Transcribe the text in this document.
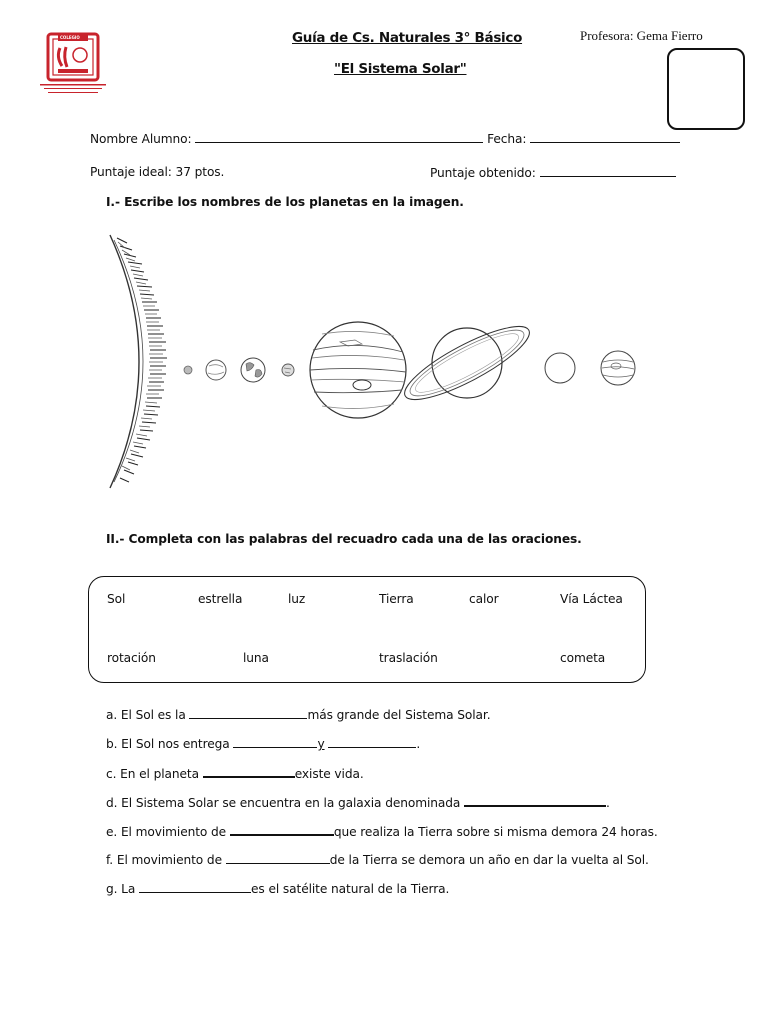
COLEGIO	Guía de Cs. Naturales 3° Básico
"El Sistema Solar"
Profesora: Gema Fierro
Nombre Alumno:	Fecha:
Puntaje ideal: 37 ptos.	Puntaje obtenido:
I.- Escribe los nombres de los planetas en la imagen.
II.- Completa con las palabras del recuadro cada una de las oraciones.
Sol	estrella	luz	Tierra	calor	Vía Láctea
rotación	luna	traslación	cometa
a. El Sol es la	más grande del Sistema Solar.
b. El Sol nos entrega	y	.
c. En el planeta	existe vida.
d. El Sistema Solar se encuentra en la galaxia denominada	.
e. El movimiento de	que realiza la Tierra sobre si misma demora 24 horas.
f. El movimiento de	de la Tierra se demora un año en dar la vuelta al Sol.
g. La	es el satélite natural de la Tierra.
